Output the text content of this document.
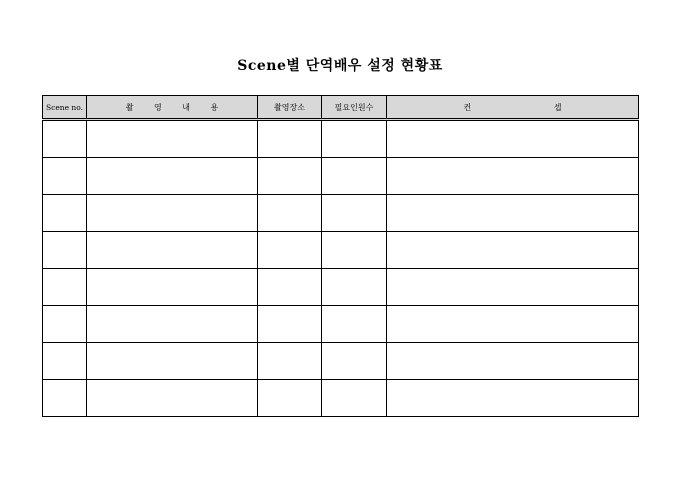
Scene별 단역배우 설정 현황표
Scene no.	촬 영 내 용	촬영장소	필요인원수	컨 셉
